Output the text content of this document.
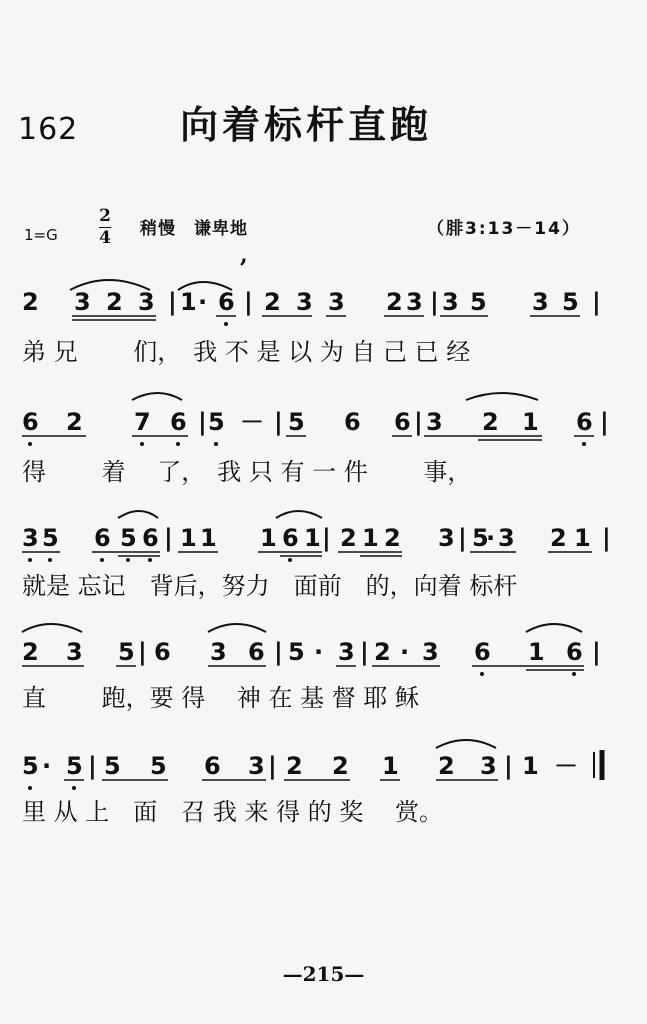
162	向着标杆直跑
1=G
2
4 稍慢　谦卑地	（腓3:13－14）
,
2 3 2 3 | 1 · 6 | 2 3 3 2 3 | 3 5 3 5 |
弟 兄　　 们，　我 不 是 以 为 自 己 已 经
6 2 7 6 | 5 － | 5 6 6 | 3 2 1 6 |
得　　 着　 了，　我 只 有 一 件　　 事，
3 5 6 5 6 | 1 1 1 6 1 | 2 1 2 3 | 5
· 3 2 1 |
就是 忘记　背后，努力　面前　的，向着 标杆
2 3 5 | 6 3 6 | 5 · 3 | 2 · 3 6 1 6 |
直　　 跑，要 得　 神 在 基 督 耶 稣
5 · 5 | 5 5 6 3 | 2 2 1 2 3 | 1 －
里 从 上　面　召 我 来 得 的 奖　 赏。
—215—
